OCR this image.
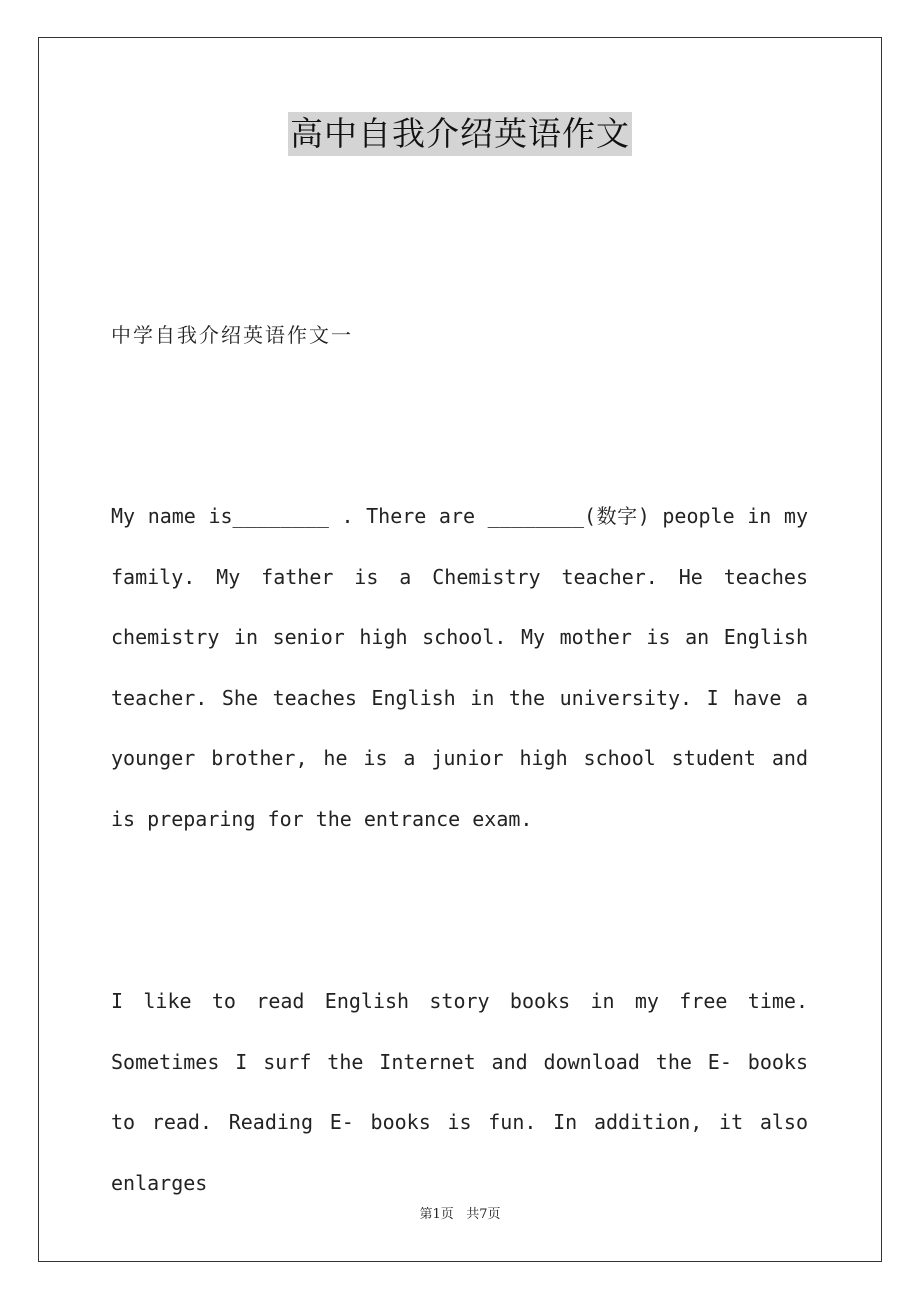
高中自我介绍英语作文
中学自我介绍英语作文一
My name is________ . There are ________(数字) people in my family. My father is a Chemistry teacher. He teaches chemistry in senior high school. My mother is an English teacher. She teaches English in the university. I have a younger brother, he is a junior high school student and is preparing for the entrance exam.
I like to read English story books in my free time. Sometimes I surf the Internet and download the E- books to read. Reading E- books is fun. In addition, it also enlarges
第1页 共7页
